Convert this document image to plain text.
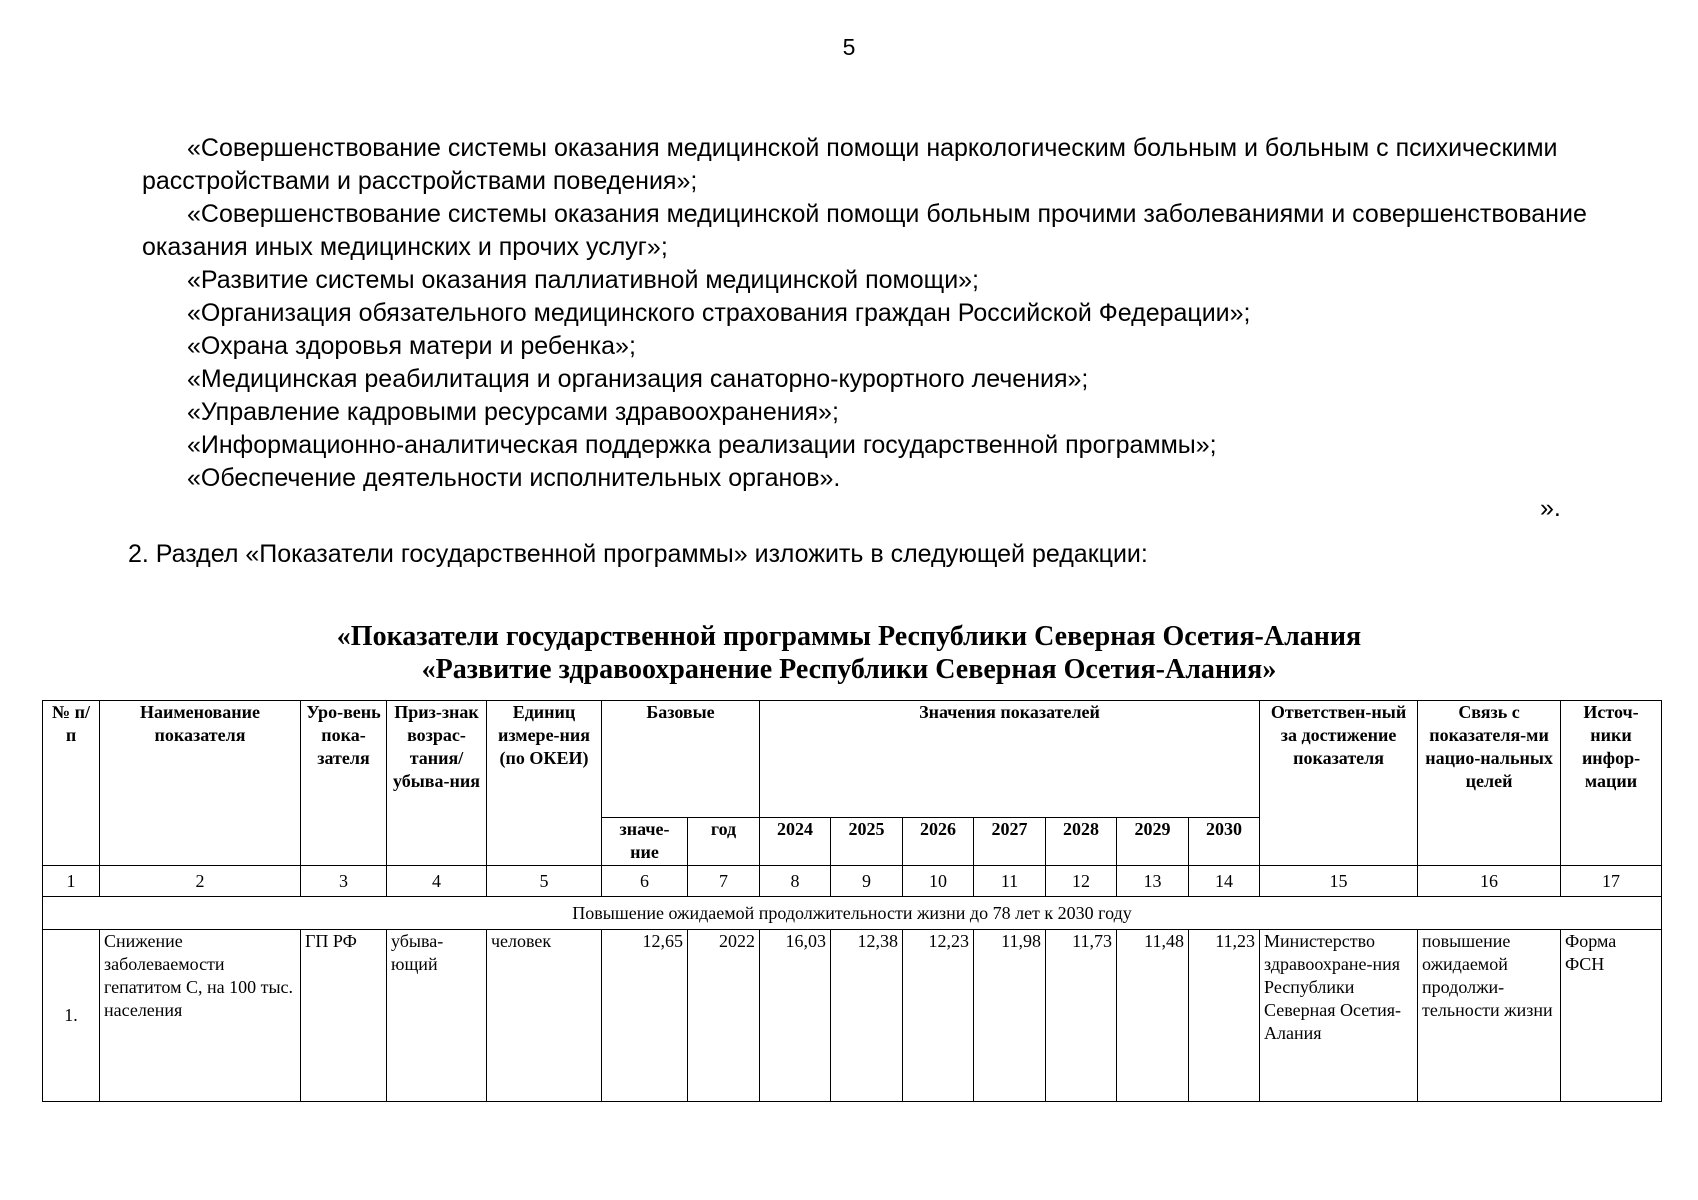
5

«Совершенствование системы оказания медицинской помощи наркологическим больным и больным с психическими расстройствами и расстройствами поведения»;

«Совершенствование системы оказания медицинской помощи больным прочими заболеваниями и совершенствование оказания иных медицинских и прочих услуг»;

«Развитие системы оказания паллиативной медицинской помощи»;

«Организация обязательного медицинского страхования граждан Российской Федерации»;

«Охрана здоровья матери и ребенка»;

«Медицинская реабилитация и организация санаторно-курортного лечения»;

«Управление кадровыми ресурсами здравоохранения»;

«Информационно-аналитическая поддержка реализации государственной программы»;

«Обеспечение деятельности исполнительных органов».

».
2. Раздел «Показатели государственной программы» изложить в следующей редакции:
«Показатели государственной программы Республики Северная Осетия-Алания
«Развитие здравоохранение Республики Северная Осетия-Алания»
№ п/п	Наименование показателя	Уро-вень пока-зателя	Приз-знак возрас-тания/ убыва-ния	Единиц измере-ния (по ОКЕИ)	Базовые		Значения показателей							Ответствен-ный за достижение показателя	Связь с показателя-ми нацио-нальных целей	Источ-ники инфор-мации
					значе-ние	год	2024	2025	2026	2027	2028	2029	2030			
1	2	3	4	5	6	7	8	9	10	11	12	13	14	15	16	17
Повышение ожидаемой продолжительности жизни до 78 лет к 2030 году																
1.	Снижение заболеваемости гепатитом С, на 100 тыс. населения	ГП РФ	убыва-ющий	человек	12,65	2022	16,03	12,38	12,23	11,98	11,73	11,48	11,23	Министерство здравоохране-ния Республики Северная Осетия-Алания	повышение ожидаемой продолжи-тельности жизни	Форма ФСН
